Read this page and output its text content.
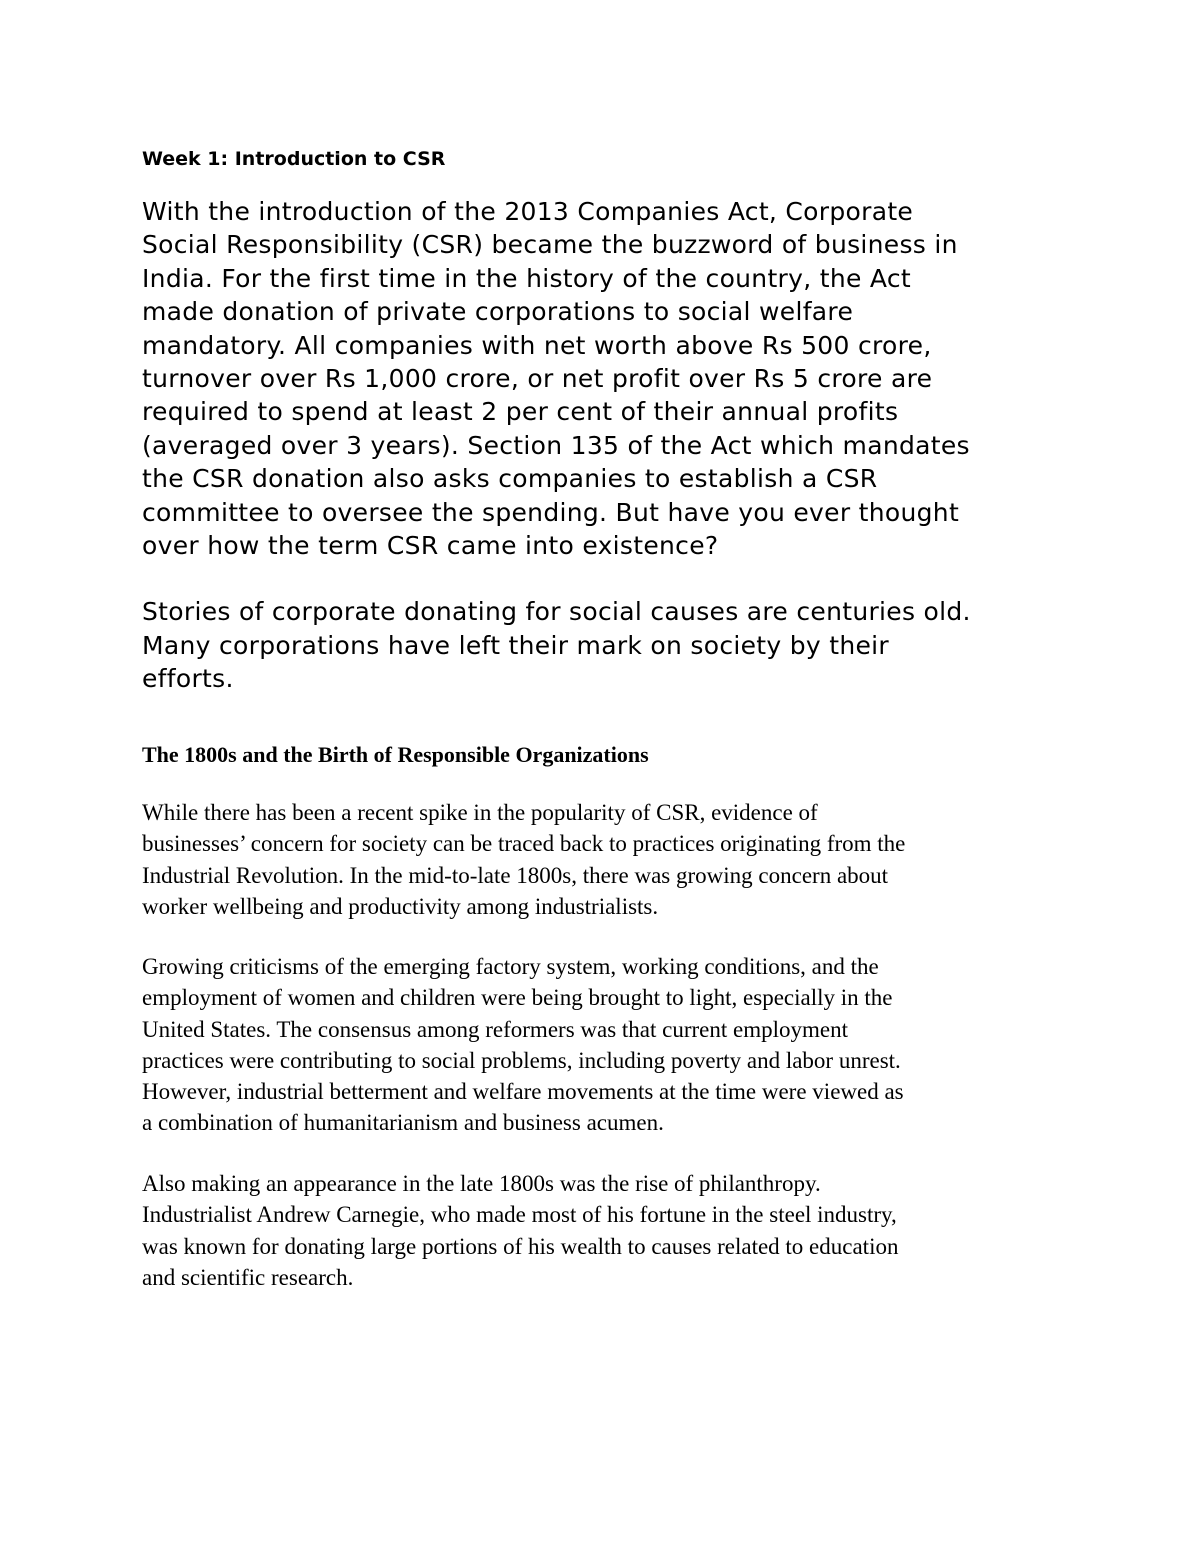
Week 1: Introduction to CSR

With the introduction of the 2013 Companies Act, Corporate

Social Responsibility (CSR) became the buzzword of business in

India. For the first time in the history of the country, the Act

made donation of private corporations to social welfare

mandatory. All companies with net worth above Rs 500 crore,

turnover over Rs 1,000 crore, or net profit over Rs 5 crore are

required to spend at least 2 per cent of their annual profits

(averaged over 3 years). Section 135 of the Act which mandates

the CSR donation also asks companies to establish a CSR

committee to oversee the spending. But have you ever thought

over how the term CSR came into existence?

Stories of corporate donating for social causes are centuries old.

Many corporations have left their mark on society by their

efforts.

The 1800s and the Birth of Responsible Organizations

While there has been a recent spike in the popularity of CSR, evidence of

businesses’ concern for society can be traced back to practices originating from the

Industrial Revolution. In the mid-to-late 1800s, there was growing concern about

worker wellbeing and productivity among industrialists.

Growing criticisms of the emerging factory system, working conditions, and the

employment of women and children were being brought to light, especially in the

United States. The consensus among reformers was that current employment

practices were contributing to social problems, including poverty and labor unrest.

However, industrial betterment and welfare movements at the time were viewed as

a combination of humanitarianism and business acumen.

Also making an appearance in the late 1800s was the rise of philanthropy.

Industrialist Andrew Carnegie, who made most of his fortune in the steel industry,

was known for donating large portions of his wealth to causes related to education

and scientific research.
